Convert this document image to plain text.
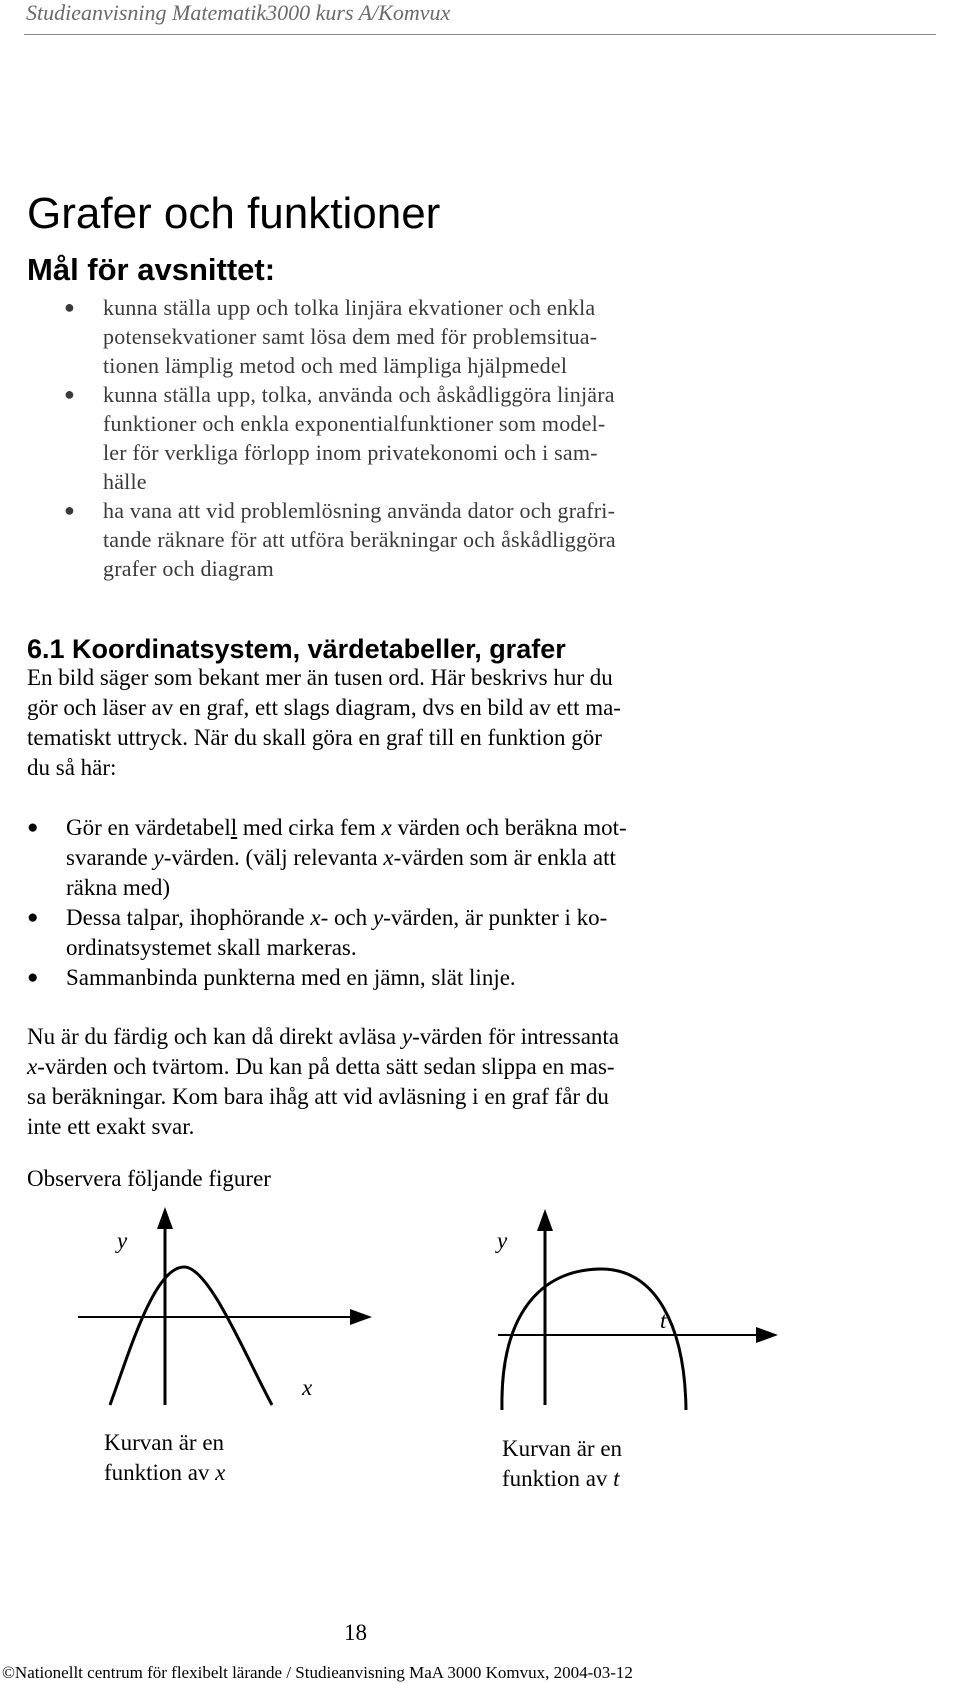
Studieanvisning Matematik3000 kurs A/Komvux
Grafer och funktioner
Mål för avsnittet:
● kunna ställa upp och tolka linjära ekvationer och enkla
potensekvationer samt lösa dem med för problemsitua-
tionen lämplig metod och med lämpliga hjälpmedel
● kunna ställa upp, tolka, använda och åskådliggöra linjära
funktioner och enkla exponentialfunktioner som model-
ler för verkliga förlopp inom privatekonomi och i sam-
hälle
● ha vana att vid problemlösning använda dator och grafri-
tande räknare för att utföra beräkningar och åskådliggöra
grafer och diagram
6.1 Koordinatsystem, värdetabeller, grafer
En bild säger som bekant mer än tusen ord. Här beskrivs hur du
gör och läser av en graf, ett slags diagram, dvs en bild av ett ma-
tematiskt uttryck. När du skall göra en graf till en funktion gör
du så här:
● Gör en värdetabell med cirka fem x värden och beräkna mot-
svarande y-värden. (välj relevanta x-värden som är enkla att
räkna med)
● Dessa talpar, ihophörande x- och y-värden, är punkter i ko-
ordinatsystemet skall markeras.
● Sammanbinda punkterna med en jämn, slät linje.
Nu är du färdig och kan då direkt avläsa y-värden för intressanta
x-värden och tvärtom. Du kan på detta sätt sedan slippa en mas-
sa beräkningar. Kom bara ihåg att vid avläsning i en graf får du
inte ett exakt svar.
Observera följande figurer
y
x
Kurvan är en
funktion av x
y
t
Kurvan är en
funktion av t
18
©Nationellt centrum för flexibelt lärande / Studieanvisning MaA 3000 Komvux, 2004-03-12
